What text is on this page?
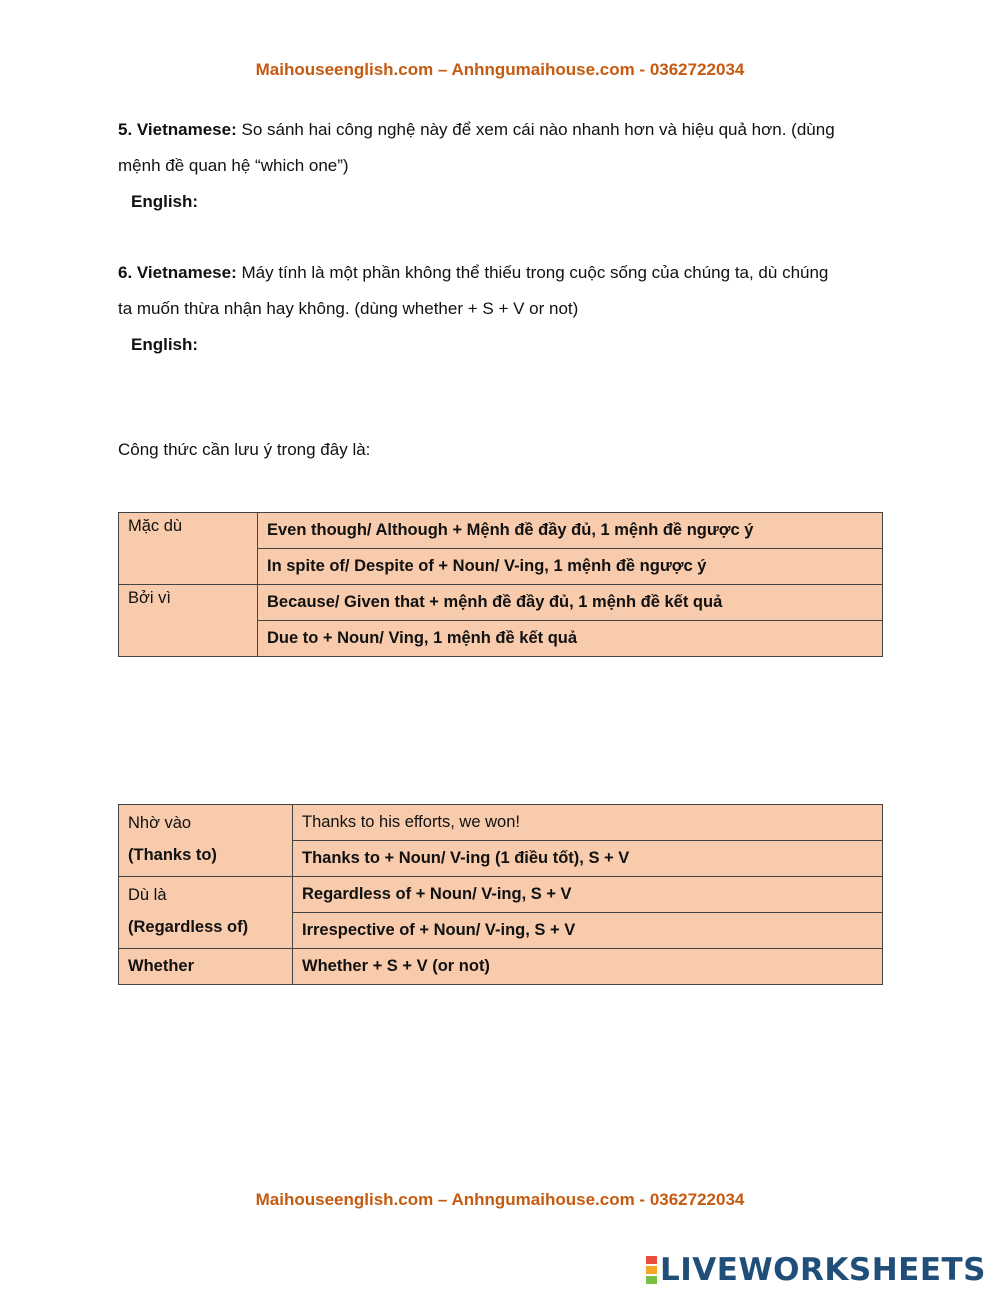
Maihouseenglish.com – Anhngumaihouse.com - 0362722034
5. Vietnamese: So sánh hai công nghệ này để xem cái nào nhanh hơn và hiệu quả hơn. (dùng
mệnh đề quan hệ “which one”)
English:
6. Vietnamese: Máy tính là một phần không thể thiếu trong cuộc sống của chúng ta, dù chúng
ta muốn thừa nhận hay không. (dùng whether + S + V or not)
English:
Công thức cần lưu ý trong đây là:
Mặc dù	Even though/ Although + Mệnh đề đầy đủ, 1 mệnh đề ngược ý
	In spite of/ Despite of + Noun/ V-ing, 1 mệnh đề ngược ý
Bởi vì	Because/ Given that + mệnh đề đầy đủ, 1 mệnh đề kết quả
	Due to + Noun/ Ving, 1 mệnh đề kết quả
Nhờ vào
(Thanks to)	Thanks to his efforts, we won!
	Thanks to + Noun/ V-ing (1 điều tốt), S + V

Dù là
(Regardless of)	Regardless of + Noun/ V-ing, S + V
	Irrespective of + Noun/ V-ing, S + V
Whether	Whether + S + V (or not)
Maihouseenglish.com – Anhngumaihouse.com - 0362722034
LIVEWORKSHEETS
